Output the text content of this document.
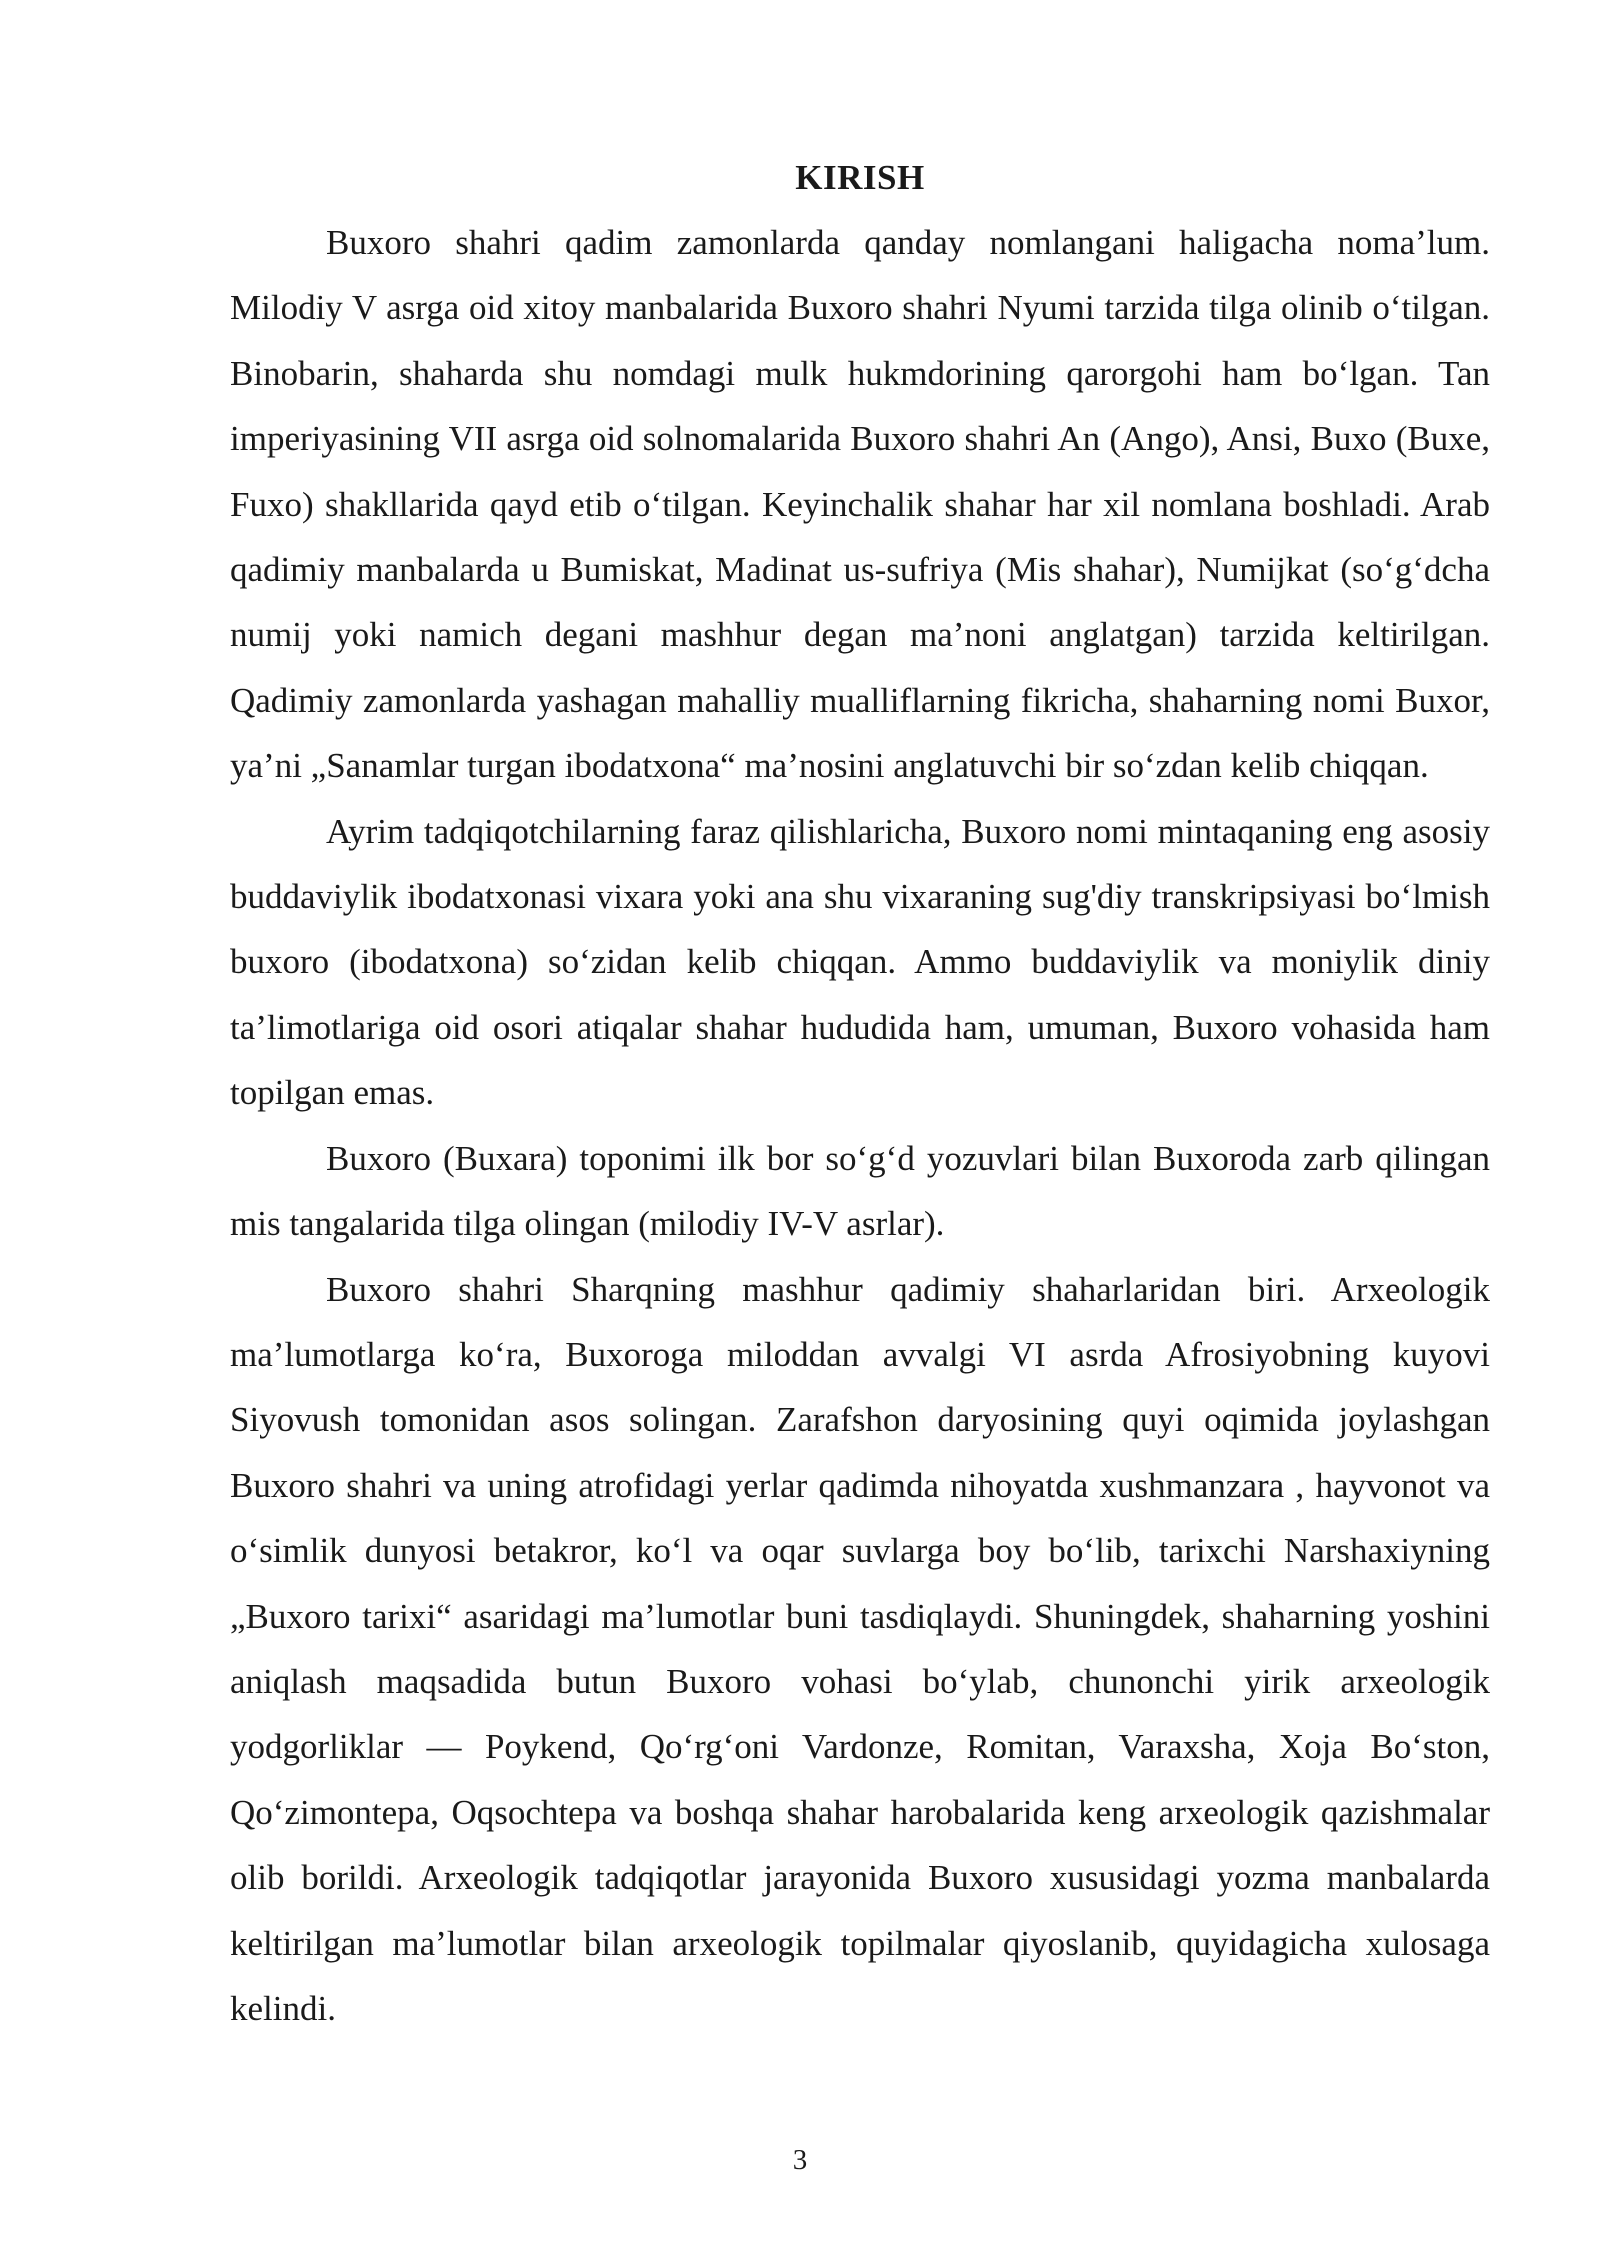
KIRISH

Buxoro shahri qadim zamonlarda qanday nomlangani haligacha noma’lum. Milodiy V asrga oid xitoy manbalarida Buxoro shahri Nyumi tarzida tilga olinib o‘tilgan. Binobarin, shaharda shu nomdagi mulk hukmdorining qarorgohi ham bo‘lgan. Tan imperiyasining VII asrga oid solnomalarida Buxoro shahri An (Ango), Ansi, Buxo (Buxe, Fuxo) shakllarida qayd etib o‘tilgan. Keyinchalik shahar har xil nomlana boshladi. Arab qadimiy manbalarda u Bumiskat, Madinat us-sufriya (Mis shahar), Numijkat (so‘g‘dcha numij yoki namich degani mashhur degan ma’noni anglatgan) tarzida keltirilgan. Qadimiy zamonlarda yashagan mahalliy mualliflarning fikricha, shaharning nomi Buxor, ya’ni „Sanamlar turgan ibodatxona“ ma’nosini anglatuvchi bir so‘zdan kelib chiqqan.

Ayrim tadqiqotchilarning faraz qilishlaricha, Buxoro nomi mintaqaning eng asosiy buddaviylik ibodatxonasi vixara yoki ana shu vixaraning sug'diy transkripsiyasi bo‘lmish buxoro (ibodatxona) so‘zidan kelib chiqqan. Ammo buddaviylik va moniylik diniy ta’limotlariga oid osori atiqalar shahar hududida ham, umuman, Buxoro vohasida ham topilgan emas.

Buxoro (Buxara) toponimi ilk bor so‘g‘d yozuvlari bilan Buxoroda zarb qilingan mis tangalarida tilga olingan (milodiy IV-V asrlar).

Buxoro shahri Sharqning mashhur qadimiy shaharlaridan biri. Arxeologik ma’lumotlarga ko‘ra, Buxoroga miloddan avvalgi VI asrda Afrosiyobning kuyovi Siyovush tomonidan asos solingan. Zarafshon daryosining quyi oqimida joylashgan Buxoro shahri va uning atrofidagi yerlar qadimda nihoyatda xushmanzara , hayvonot va o‘simlik dunyosi betakror, ko‘l va oqar suvlarga boy bo‘lib, tarixchi Narshaxiyning „Buxoro tarixi“ asaridagi ma’lumotlar buni tasdiqlaydi. Shuningdek, shaharning yoshini aniqlash maqsadida butun Buxoro vohasi bo‘ylab, chunonchi yirik arxeologik yodgorliklar — Poykend, Qo‘rg‘oni Vardonze, Romitan, Varaxsha, Xoja Bo‘ston, Qo‘zimontepa, Oqsochtepa va boshqa shahar harobalarida keng arxeologik qazishmalar olib borildi. Arxeologik tadqiqotlar jarayonida Buxoro xususidagi yozma manbalarda keltirilgan ma’lumotlar bilan arxeologik topilmalar qiyoslanib, quyidagicha xulosaga kelindi.

3
